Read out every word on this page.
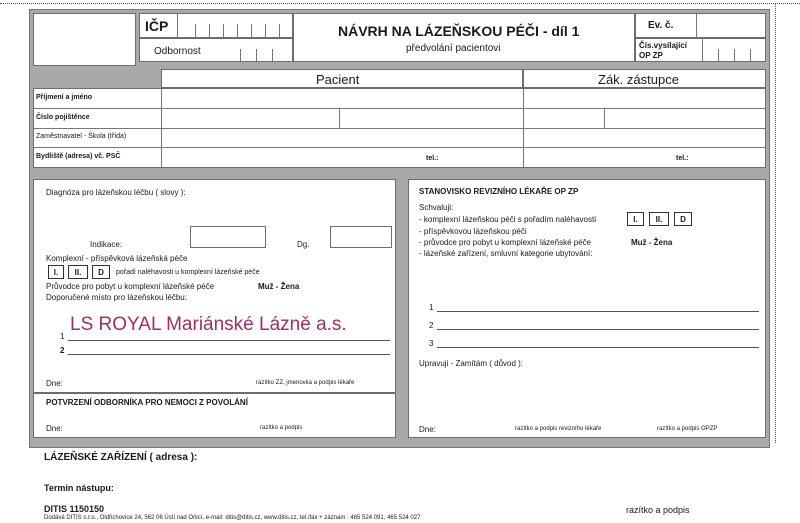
IČP
Odbornost
NÁVRH NA LÁZEŇSKOU PÉČI - díl 1
předvolání pacientovi
Ev. č.
Čís.vysílající
OP ZP
Pacient	Zák. zástupce
Příjmení a jméno
Číslo pojištěnce
Zaměstnavatel - Škola (třída)
Bydliště (adresa) vč. PSČ	tel.:	tel.:
Diagnóza pro lázeňskou léčbu ( slovy ):
Indikace:	Dg.
Komplexní - příspěvková lázeňská péče
I.	II.	D	pořadí naléhavosti u komplexní lázeňské péče
Průvodce pro pobyt u komplexní lázeňské péče	Muž - Žena
Doporučené místo pro lázeňskou léčbu:
LS ROYAL Mariánské Lázně a.s.
1
2
Dne:	razítko ZZ, jmenovka a podpis lékaře
POTVRZENÍ ODBORNÍKA PRO NEMOCI Z POVOLÁNÍ
Dne:	razítko a podpis
STANOVISKO REVIZNÍHO LÉKAŘE OP ZP
Schvaluji:
- komplexní lázeňskou péči s pořadím naléhavosti	I.	II.	D
- příspěvkovou lázeňskou péči
- průvodce pro pobyt u komplexní lázeňské péče	Muž - Žena
- lázeňské zařízení, smluvní kategorie ubytování:
1
2
3
Upravuji - Zamítám ( důvod ):
Dne:	razítko a podpis revizního lékaře	razítko a podpis OPZP
LÁZEŇSKÉ ZAŘÍZENÍ ( adresa ):
Termín nástupu:
DITIS 1150150
Dodává DITIS s.r.o., Oldřichovice 24, 562 06 Ústí nad Orlicí, e-mail: ditis@ditis.cz, www.ditis.cz, tel./fax + záznam : 465 524 091, 465 524 027
razítko a podpis
